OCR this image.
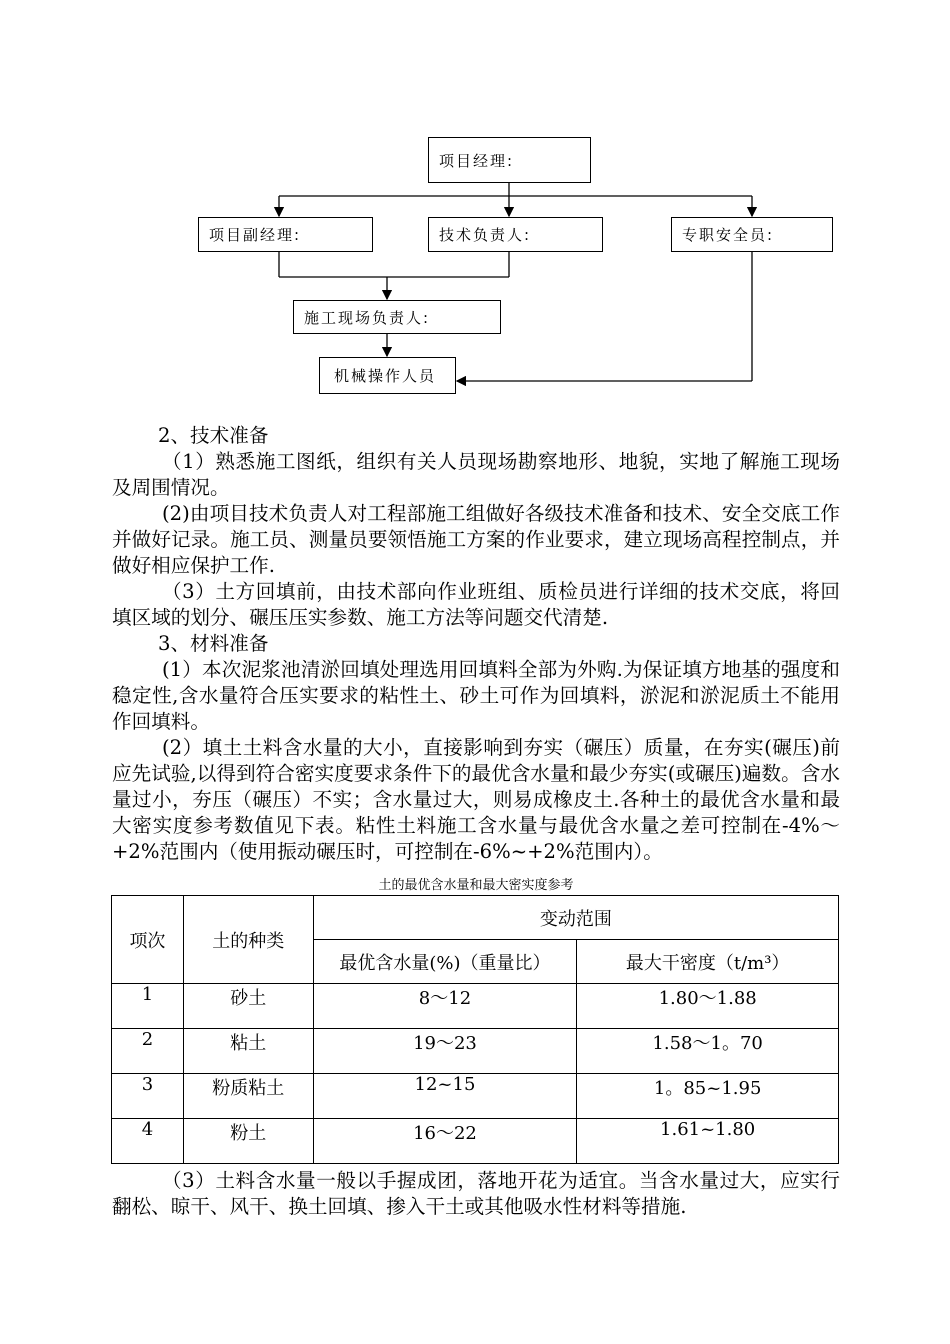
项目经理:
项目副经理:	技术负责人:	专职安全员:
施工现场负责人:
机械操作人员

2、技术准备

（1）熟悉施工图纸，组织有关人员现场勘察地形、地貌，实地了解施工现场及周围情况。

(2)由项目技术负责人对工程部施工组做好各级技术准备和技术、安全交底工作并做好记录。施工员、测量员要领悟施工方案的作业要求，建立现场高程控制点，并做好相应保护工作.

（3）土方回填前，由技术部向作业班组、质检员进行详细的技术交底，将回填区域的划分、碾压压实参数、施工方法等问题交代清楚.

3、材料准备

(1）本次泥浆池清淤回填处理选用回填料全部为外购.为保证填方地基的强度和稳定性,含水量符合压实要求的粘性土、砂土可作为回填料，淤泥和淤泥质土不能用作回填料。

(2）填土土料含水量的大小，直接影响到夯实（碾压）质量，在夯实(碾压)前应先试验,以得到符合密实度要求条件下的最优含水量和最少夯实(或碾压)遍数。含水量过小，夯压（碾压）不实；含水量过大，则易成橡皮土.各种土的最优含水量和最大密实度参考数值见下表。粘性土料施工含水量与最优含水量之差可控制在-4%～+2%范围内（使用振动碾压时，可控制在-6%~+2%范围内）。

土的最优含水量和最大密实度参考
项次	土的种类	变动范围	
		最优含水量(%)（重量比）	最大干密度（t/m³）
1	砂土	8～12	1.80～1.88
2	粘土	19～23	1.58～1。70
3	粉质粘土	12~15	1。85~1.95
4	粉土	16～22	1.61~1.80

（3）土料含水量一般以手握成团，落地开花为适宜。当含水量过大，应实行翻松、晾干、风干、换土回填、掺入干土或其他吸水性材料等措施.
